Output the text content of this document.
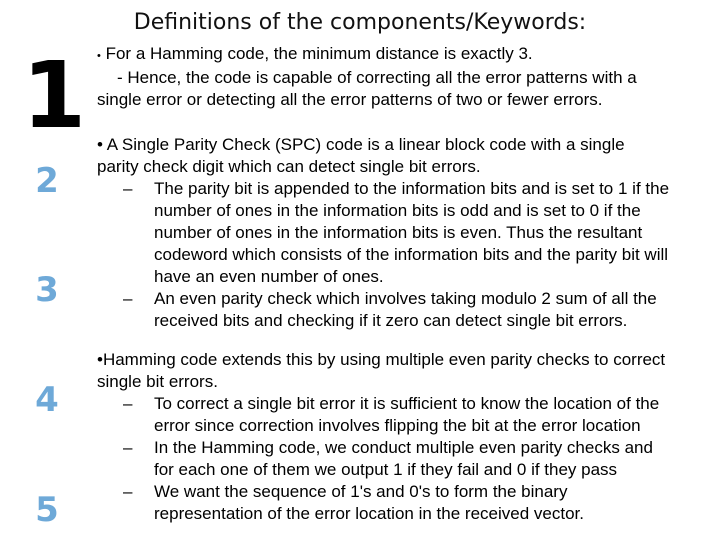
Definitions of the components/Keywords:
1
2
3
4
5
• For a Hamming code, the minimum distance is exactly 3.
- Hence, the code is capable of correcting all the error patterns with a
single error or detecting all the error patterns of two or fewer errors.
• A Single Parity Check (SPC) code is a linear block code with a single
parity check digit which can detect single bit errors.
– The parity bit is appended to the information bits and is set to 1 if the
number of ones in the information bits is odd and is set to 0 if the
number of ones in the information bits is even. Thus the resultant
codeword which consists of the information bits and the parity bit will
have an even number of ones.
– An even parity check which involves taking modulo 2 sum of all the
received bits and checking if it zero can detect single bit errors.
•Hamming code extends this by using multiple even parity checks to correct
single bit errors.
– To correct a single bit error it is sufficient to know the location of the
error since correction involves flipping the bit at the error location
– In the Hamming code, we conduct multiple even parity checks and
for each one of them we output 1 if they fail and 0 if they pass
– We want the sequence of 1's and 0's to form the binary
representation of the error location in the received vector.
